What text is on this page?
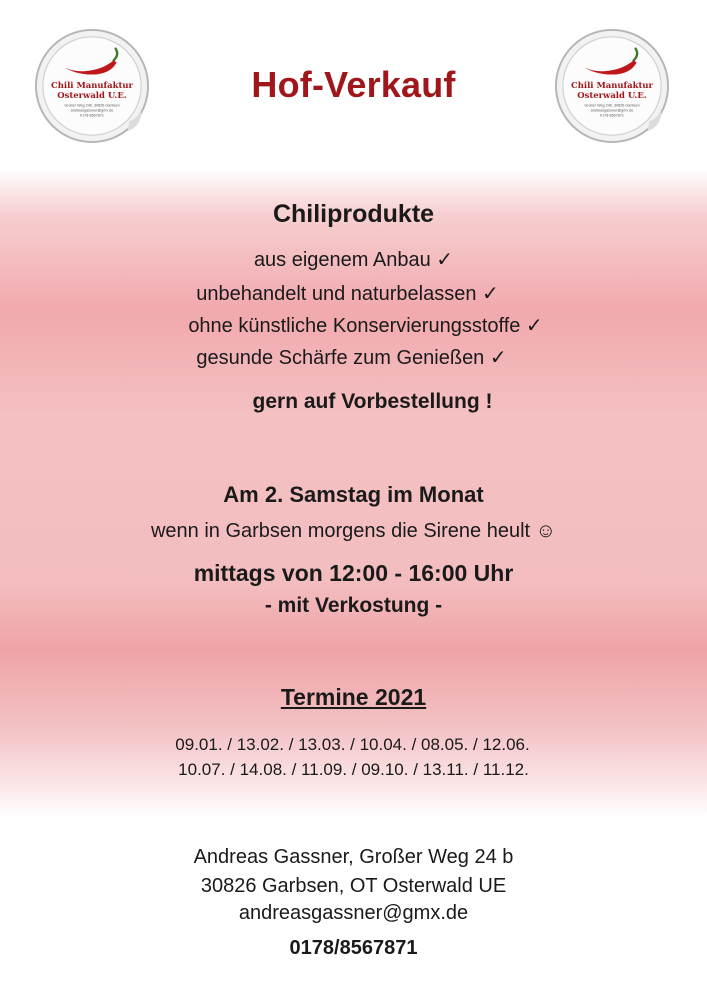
Chili Manufaktur
Osterwald U.E.
Großer Weg 24b, 30826 Garbsen
andreasgassner@gmx.de
0178-8567871
Chili Manufaktur
Osterwald U.E.
Großer Weg 24b, 30826 Garbsen
andreasgassner@gmx.de
0178-8567871
Hof-Verkauf
Chiliprodukte
aus eigenem Anbau ✓
unbehandelt und naturbelassen ✓
ohne künstliche Konservierungsstoffe ✓
gesunde Schärfe zum Genießen ✓
gern auf Vorbestellung !
Am 2. Samstag im Monat
wenn in Garbsen morgens die Sirene heult ☺
mittags von 12:00 - 16:00 Uhr
- mit Verkostung -
Termine 2021
09.01. / 13.02. / 13.03. / 10.04. / 08.05. / 12.06.
10.07. / 14.08. / 11.09. / 09.10. / 13.11. / 11.12.
Andreas Gassner, Großer Weg 24 b
30826 Garbsen, OT Osterwald UE
andreasgassner@gmx.de
0178/8567871
